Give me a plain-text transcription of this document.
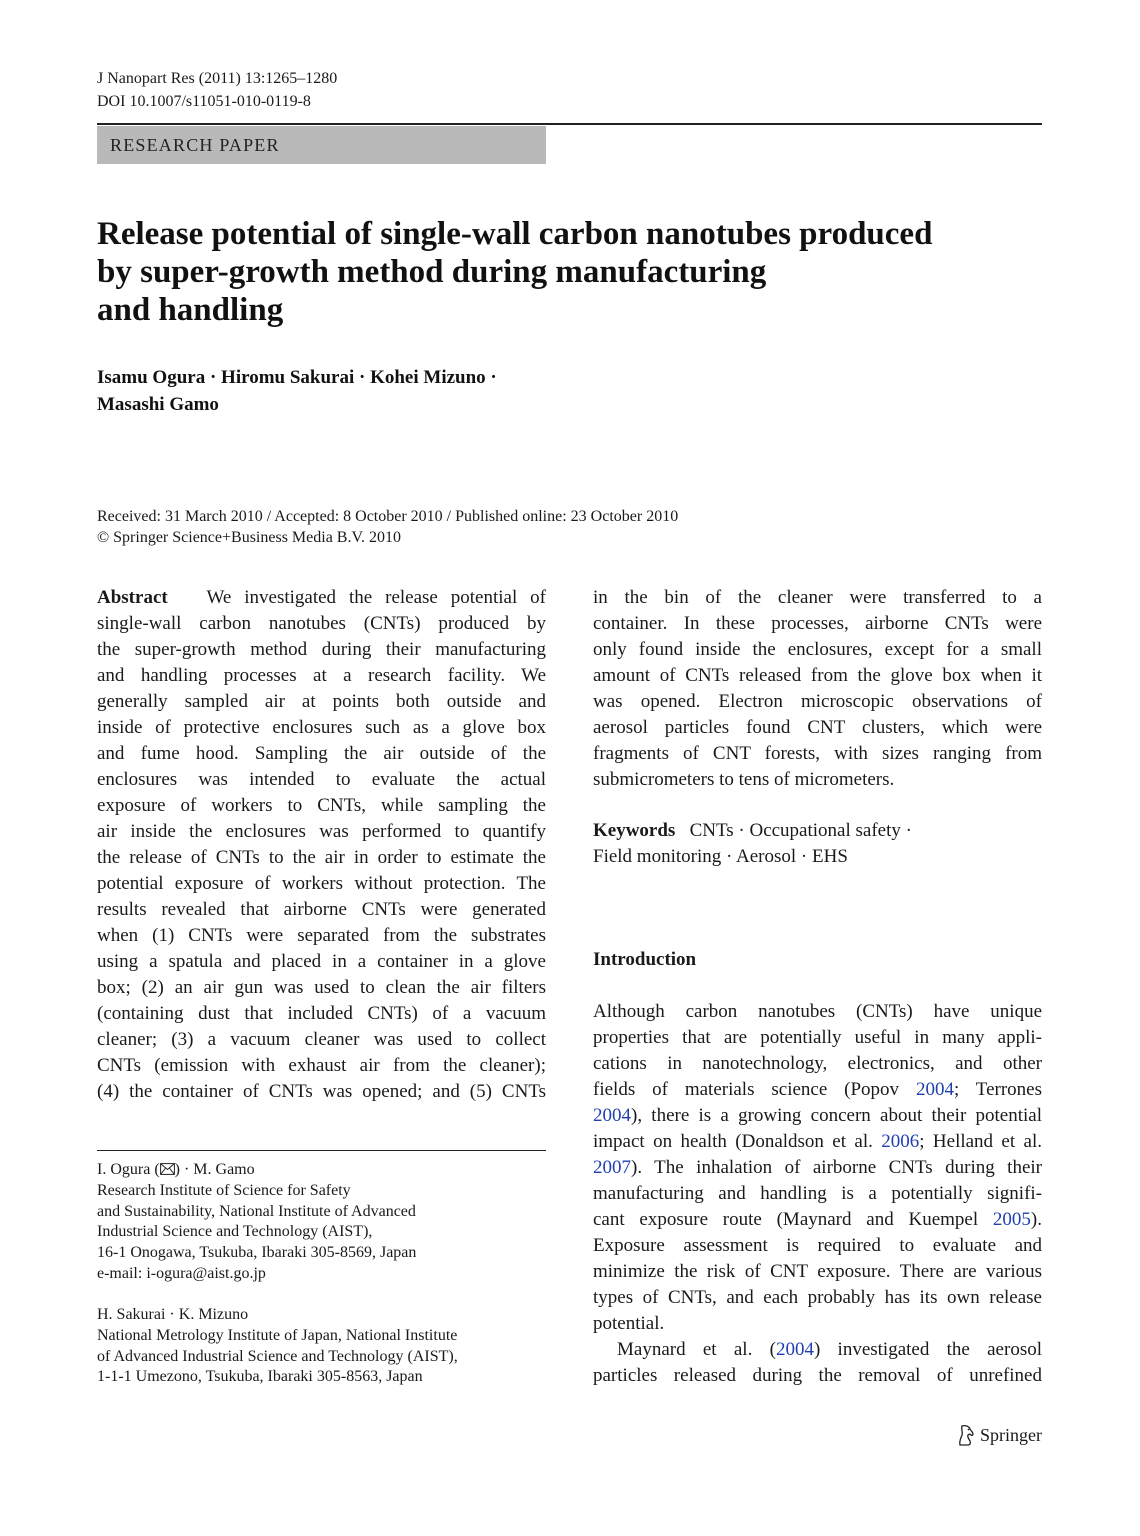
J Nanopart Res (2011) 13:1265–1280
DOI 10.1007/s11051-010-0119-8
RESEARCH PAPER
Release potential of single-wall carbon nanotubes produced
by super-growth method during manufacturing
and handling
Isamu Ogura · Hiromu Sakurai · Kohei Mizuno ·
Masashi Gamo
Received: 31 March 2010 / Accepted: 8 October 2010 / Published online: 23 October 2010
© Springer Science+Business Media B.V. 2010
Abstract We investigated the release potential of
single-wall carbon nanotubes (CNTs) produced by
the super-growth method during their manufacturing
and handling processes at a research facility. We
generally sampled air at points both outside and
inside of protective enclosures such as a glove box
and fume hood. Sampling the air outside of the
enclosures was intended to evaluate the actual
exposure of workers to CNTs, while sampling the
air inside the enclosures was performed to quantify
the release of CNTs to the air in order to estimate the
potential exposure of workers without protection. The
results revealed that airborne CNTs were generated
when (1) CNTs were separated from the substrates
using a spatula and placed in a container in a glove
box; (2) an air gun was used to clean the air filters
(containing dust that included CNTs) of a vacuum
cleaner; (3) a vacuum cleaner was used to collect
CNTs (emission with exhaust air from the cleaner);
(4) the container of CNTs was opened; and (5) CNTs
I. Ogura ( ) · M. Gamo
Research Institute of Science for Safety
and Sustainability, National Institute of Advanced
Industrial Science and Technology (AIST),
16-1 Onogawa, Tsukuba, Ibaraki 305-8569, Japan
e-mail: i-ogura@aist.go.jp
H. Sakurai · K. Mizuno
National Metrology Institute of Japan, National Institute
of Advanced Industrial Science and Technology (AIST),
1-1-1 Umezono, Tsukuba, Ibaraki 305-8563, Japan
in the bin of the cleaner were transferred to a
container. In these processes, airborne CNTs were
only found inside the enclosures, except for a small
amount of CNTs released from the glove box when it
was opened. Electron microscopic observations of
aerosol particles found CNT clusters, which were
fragments of CNT forests, with sizes ranging from
submicrometers to tens of micrometers.
Keywords CNTs · Occupational safety ·
Field monitoring · Aerosol · EHS
Introduction
Although carbon nanotubes (CNTs) have unique
properties that are potentially useful in many appli-
cations in nanotechnology, electronics, and other
fields of materials science (Popov 2004; Terrones
2004), there is a growing concern about their potential
impact on health (Donaldson et al. 2006; Helland et al.
2007). The inhalation of airborne CNTs during their
manufacturing and handling is a potentially signifi-
cant exposure route (Maynard and Kuempel 2005).
Exposure assessment is required to evaluate and
minimize the risk of CNT exposure. There are various
types of CNTs, and each probably has its own release
potential.
Maynard et al. (2004) investigated the aerosol
particles released during the removal of unrefined
Springer
